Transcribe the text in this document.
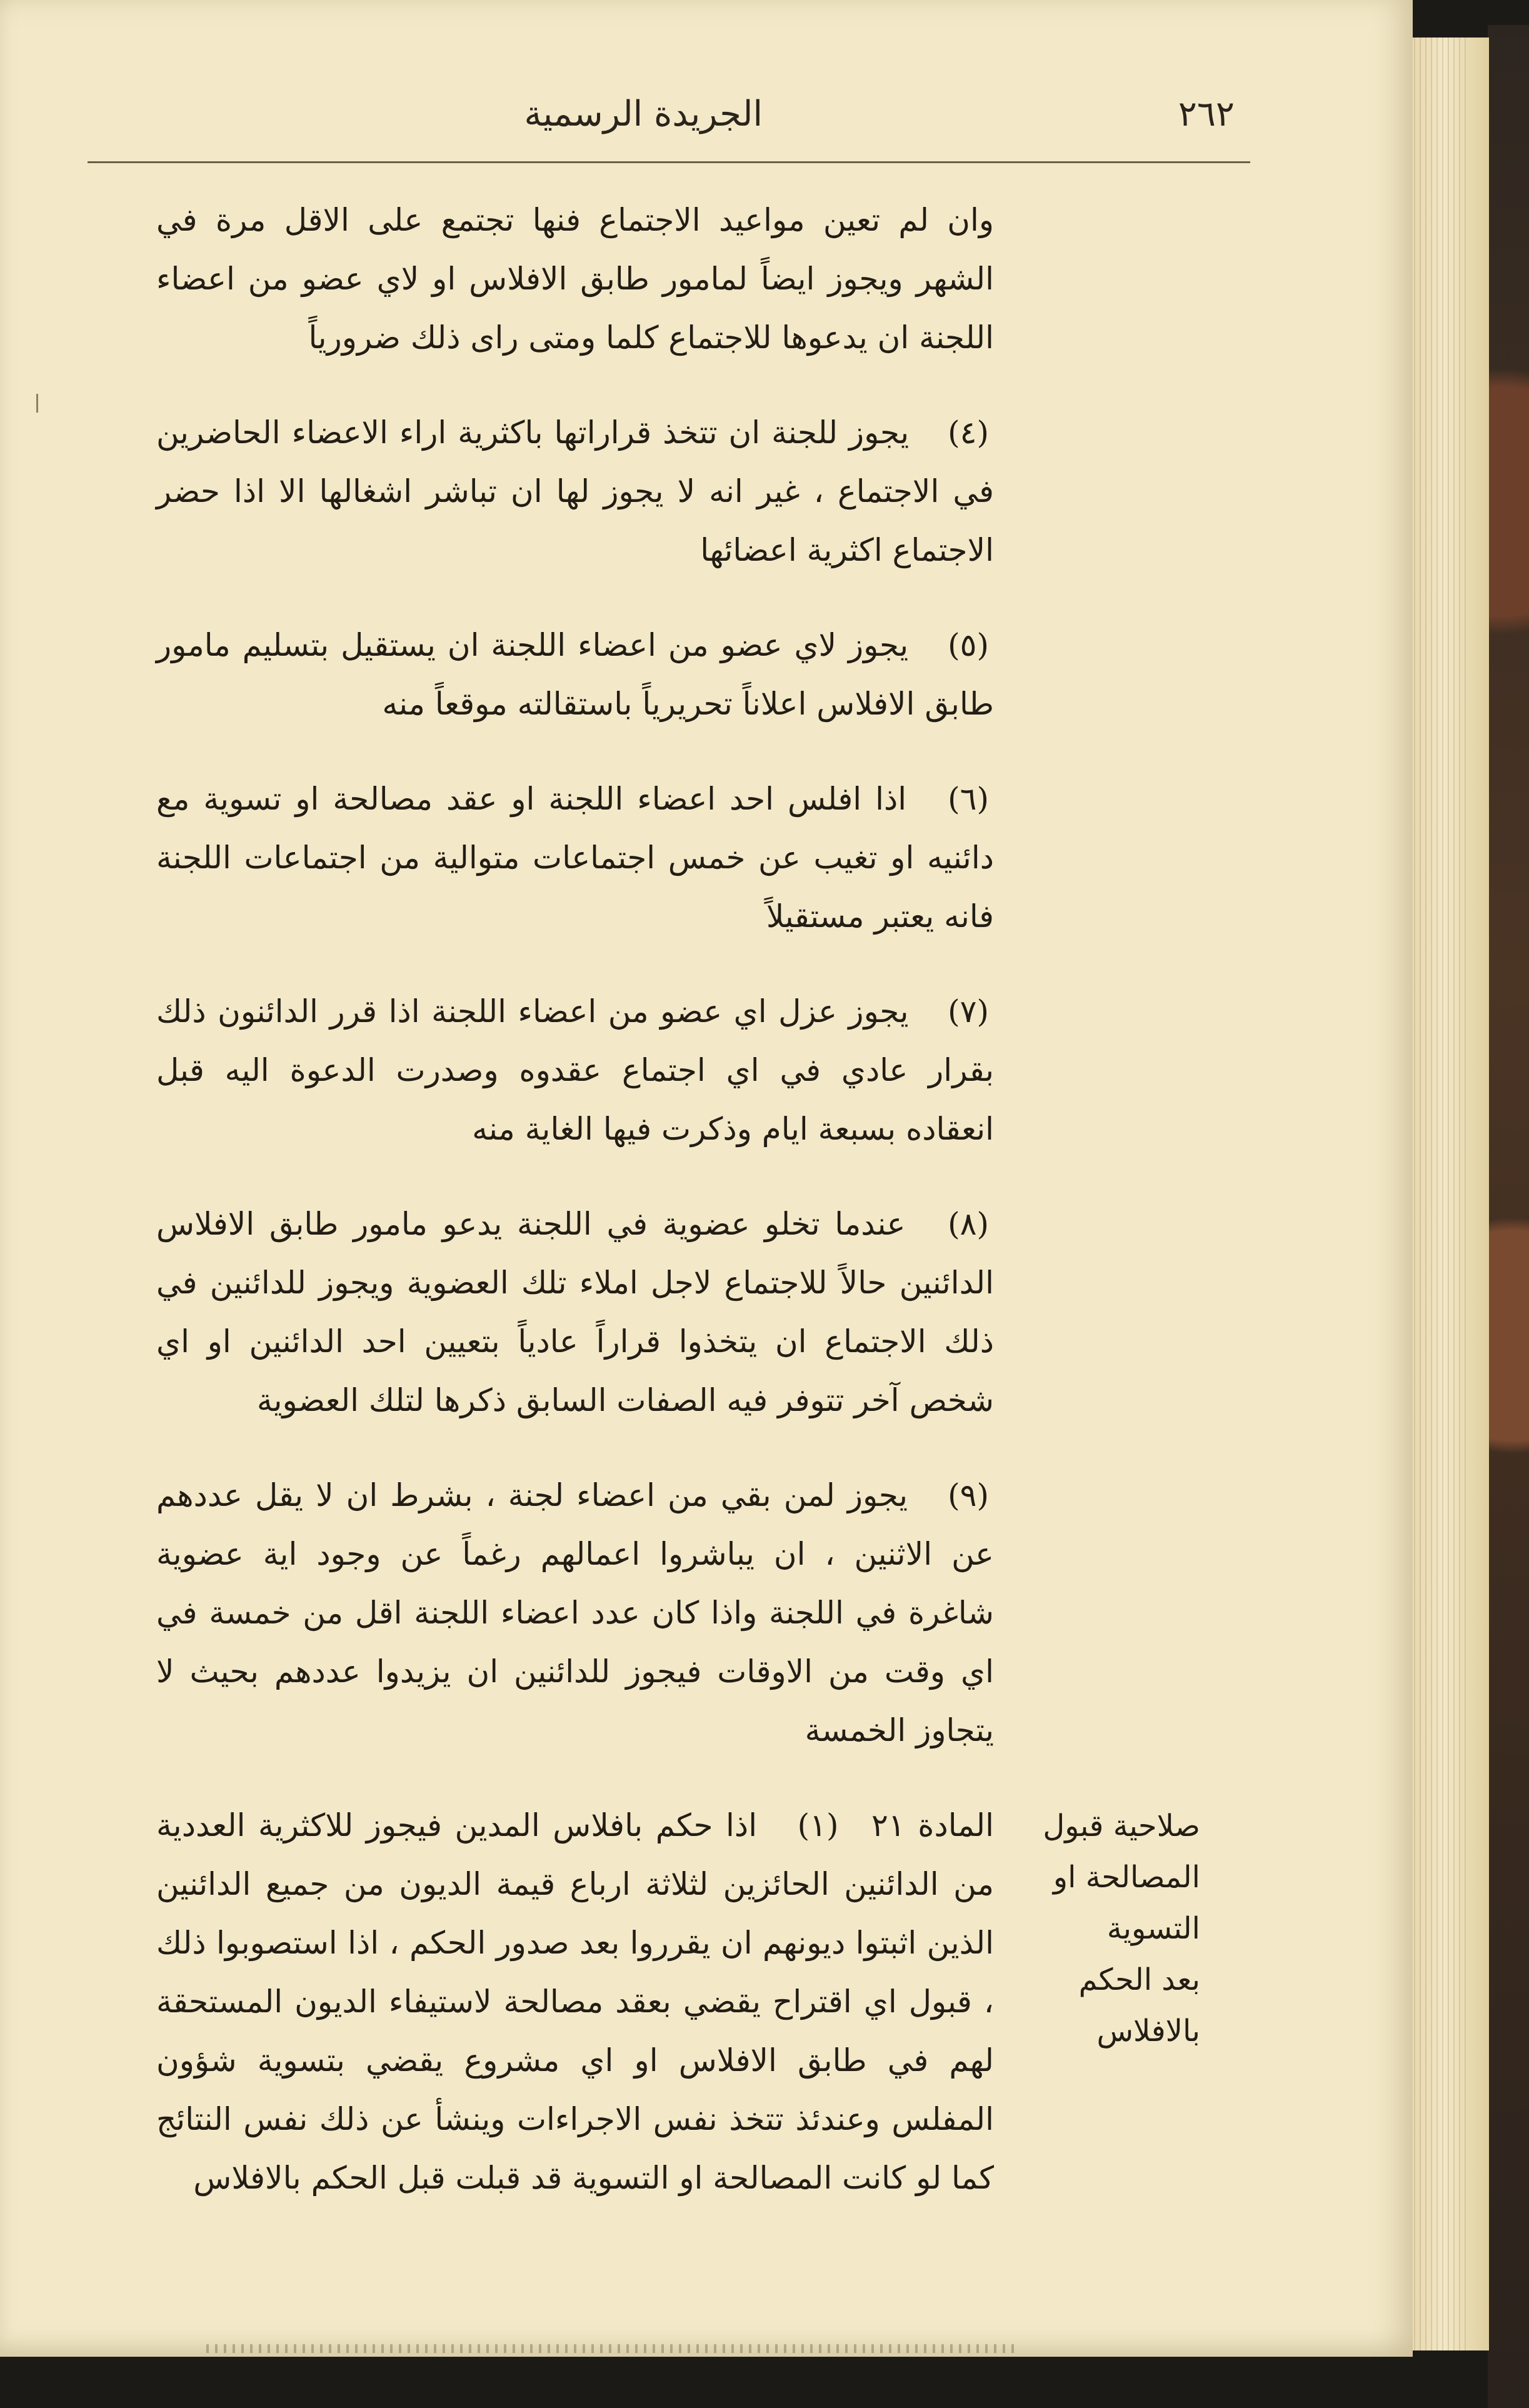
الجريدة الرسمية	٢٦٢

وان لم تعين مواعيد الاجتماع فنها تجتمع على الاقل مرة في الشهر ويجوز ايضاً لمامور طابق الافلاس او لاي عضو من اعضاء اللجنة ان يدعوها للاجتماع كلما ومتى راى ذلك ضرورياً

(٤) يجوز للجنة ان تتخذ قراراتها باكثرية اراء الاعضاء الحاضرين في الاجتماع ، غير انه لا يجوز لها ان تباشر اشغالها الا اذا حضر الاجتماع اكثرية اعضائها

(٥) يجوز لاي عضو من اعضاء اللجنة ان يستقيل بتسليم مامور طابق الافلاس اعلاناً تحريرياً باستقالته موقعاً منه

(٦) اذا افلس احد اعضاء اللجنة او عقد مصالحة او تسوية مع دائنيه او تغيب عن خمس اجتماعات متوالية من اجتماعات اللجنة فانه يعتبر مستقيلاً

(٧) يجوز عزل اي عضو من اعضاء اللجنة اذا قرر الدائنون ذلك بقرار عادي في اي اجتماع عقدوه وصدرت الدعوة اليه قبل انعقاده بسبعة ايام وذكرت فيها الغاية منه

(٨) عندما تخلو عضوية في اللجنة يدعو مامور طابق الافلاس الدائنين حالاً للاجتماع لاجل املاء تلك العضوية ويجوز للدائنين في ذلك الاجتماع ان يتخذوا قراراً عادياً بتعيين احد الدائنين او اي شخص آخر تتوفر فيه الصفات السابق ذكرها لتلك العضوية

(٩) يجوز لمن بقي من اعضاء لجنة ، بشرط ان لا يقل عددهم عن الاثنين ، ان يباشروا اعمالهم رغماً عن وجود اية عضوية شاغرة في اللجنة واذا كان عدد اعضاء اللجنة اقل من خمسة في اي وقت من الاوقات فيجوز للدائنين ان يزيدوا عددهم بحيث لا يتجاوز الخمسة

المادة ٢١ (١) اذا حكم بافلاس المدين فيجوز للاكثرية العددية من الدائنين الحائزين لثلاثة ارباع قيمة الديون من جميع الدائنين الذين اثبتوا ديونهم ان يقرروا بعد صدور الحكم ، اذا استصوبوا ذلك ، قبول اي اقتراح يقضي بعقد مصالحة لاستيفاء الديون المستحقة لهم في طابق الافلاس او اي مشروع يقضي بتسوية شؤون المفلس وعندئذ تتخذ نفس الاجراءات وينشأ عن ذلك نفس النتائج كما لو كانت المصالحة او التسوية قد قبلت قبل الحكم بالافلاس

صلاحية قبول
المصالحة او التسوية
بعد الحكم بالافلاس
